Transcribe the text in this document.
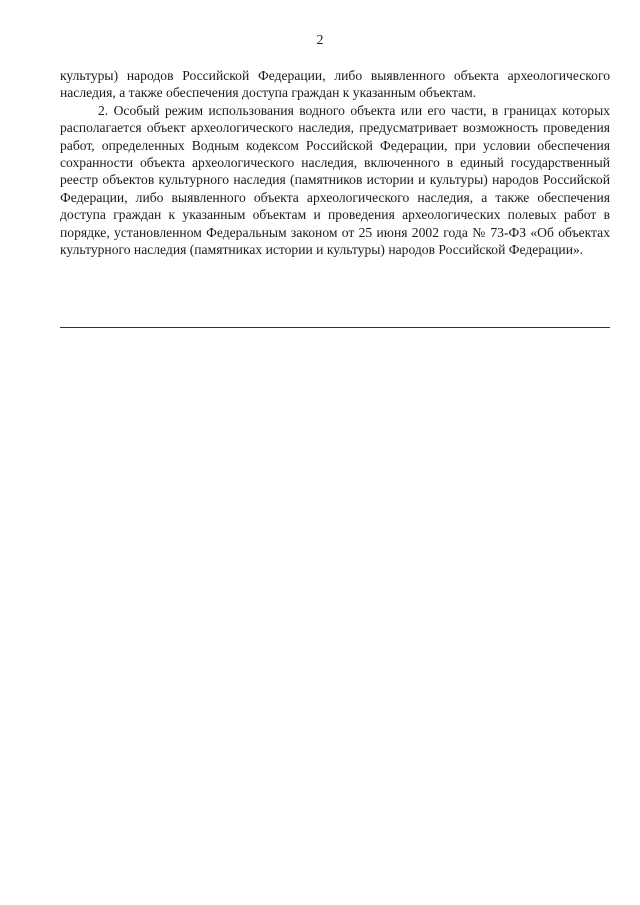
2

культуры) народов Российской Федерации, либо выявленного объекта археологического наследия, а также обеспечения доступа граждан к указанным объектам.

2. Особый режим использования водного объекта или его части, в границах которых располагается объект археологического наследия, предусматривает возможность проведения работ, определенных Водным кодексом Российской Федерации, при условии обеспечения сохранности объекта археологического наследия, включенного в единый государственный реестр объектов культурного наследия (памятников истории и культуры) народов Российской Федерации, либо выявленного объекта археологического наследия, а также обеспечения доступа граждан к указанным объектам и проведения археологических полевых работ в порядке, установленном Федеральным законом от 25 июня 2002 года № 73-ФЗ «Об объектах культурного наследия (памятниках истории и культуры) народов Российской Федерации».
